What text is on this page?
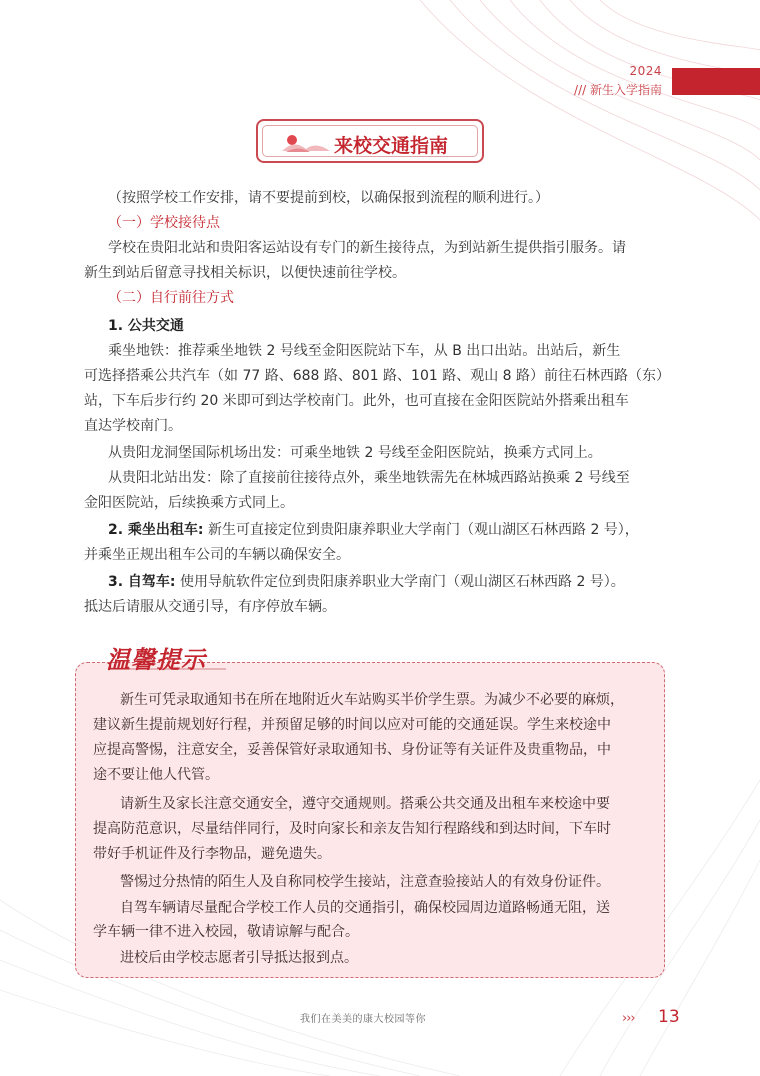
2024
/// 新生入学指南
来校交通指南
（按照学校工作安排，请不要提前到校，以确保报到流程的顺利进行。）
（一）学校接待点
学校在贵阳北站和贵阳客运站设有专门的新生接待点，为到站新生提供指引服务。请
新生到站后留意寻找相关标识，以便快速前往学校。
（二）自行前往方式
1. 公共交通
乘坐地铁：推荐乘坐地铁 2 号线至金阳医院站下车，从 B 出口出站。出站后，新生
可选择搭乘公共汽车（如 77 路、688 路、801 路、101 路、观山 8 路）前往石林西路（东）
站，下车后步行约 20 米即可到达学校南门。此外，也可直接在金阳医院站外搭乘出租车
直达学校南门。
从贵阳龙洞堡国际机场出发：可乘坐地铁 2 号线至金阳医院站，换乘方式同上。
从贵阳北站出发：除了直接前往接待点外，乘坐地铁需先在林城西路站换乘 2 号线至
金阳医院站，后续换乘方式同上。
2. 乘坐出租车: 新生可直接定位到贵阳康养职业大学南门（观山湖区石林西路 2 号），
并乘坐正规出租车公司的车辆以确保安全。
3. 自驾车: 使用导航软件定位到贵阳康养职业大学南门（观山湖区石林西路 2 号）。
抵达后请服从交通引导，有序停放车辆。
温馨提示
新生可凭录取通知书在所在地附近火车站购买半价学生票。为减少不必要的麻烦，
建议新生提前规划好行程，并预留足够的时间以应对可能的交通延误。学生来校途中
应提高警惕，注意安全，妥善保管好录取通知书、身份证等有关证件及贵重物品，中
途不要让他人代管。
请新生及家长注意交通安全，遵守交通规则。搭乘公共交通及出租车来校途中要
提高防范意识，尽量结伴同行，及时向家长和亲友告知行程路线和到达时间，下车时
带好手机证件及行李物品，避免遗失。
警惕过分热情的陌生人及自称同校学生接站，注意查验接站人的有效身份证件。
自驾车辆请尽量配合学校工作人员的交通指引，确保校园周边道路畅通无阻，送
学车辆一律不进入校园，敬请谅解与配合。
进校后由学校志愿者引导抵达报到点。
我们在美美的康大校园等你	››› 13
